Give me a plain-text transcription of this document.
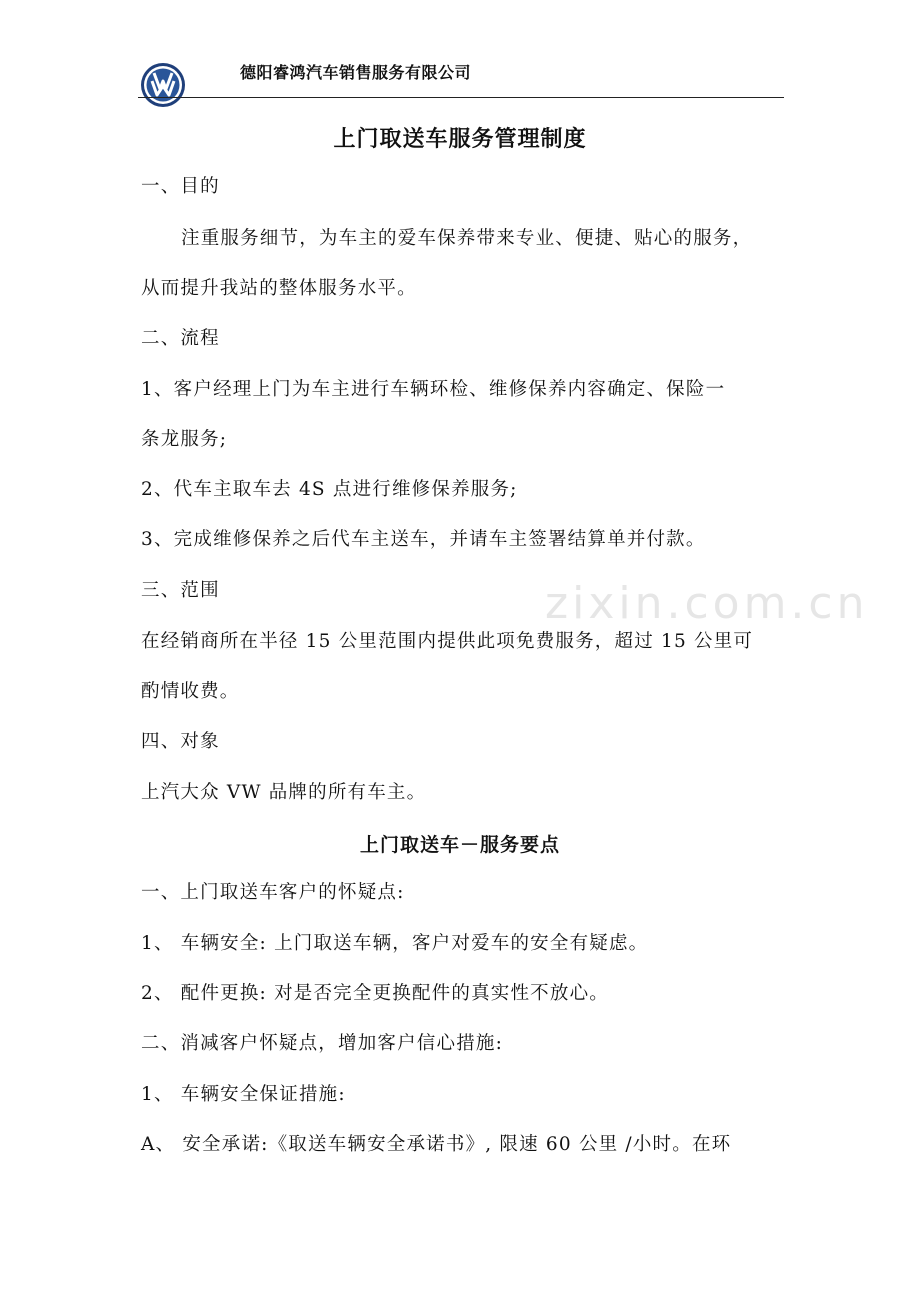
德阳睿鸿汽车销售服务有限公司
zixin.com.cn
上门取送车服务管理制度
一、目的
注重服务细节，为车主的爱车保养带来专业、便捷、贴心的服务，
从而提升我站的整体服务水平。
二、流程
1、客户经理上门为车主进行车辆环检、维修保养内容确定、保险一
条龙服务;
2、代车主取车去 4S 点进行维修保养服务;
3、完成维修保养之后代车主送车，并请车主签署结算单并付款。
三、范围
在经销商所在半径 15 公里范围内提供此项免费服务，超过 15 公里可
酌情收费。
四、对象
上汽大众 VW 品牌的所有车主。
上门取送车－服务要点
一、上门取送车客户的怀疑点:
1、 车辆安全: 上门取送车辆，客户对爱车的安全有疑虑。
2、 配件更换: 对是否完全更换配件的真实性不放心。
二、消减客户怀疑点，增加客户信心措施:
1、 车辆安全保证措施:
A、 安全承诺:《取送车辆安全承诺书》, 限速 60 公里 /小时。在环
